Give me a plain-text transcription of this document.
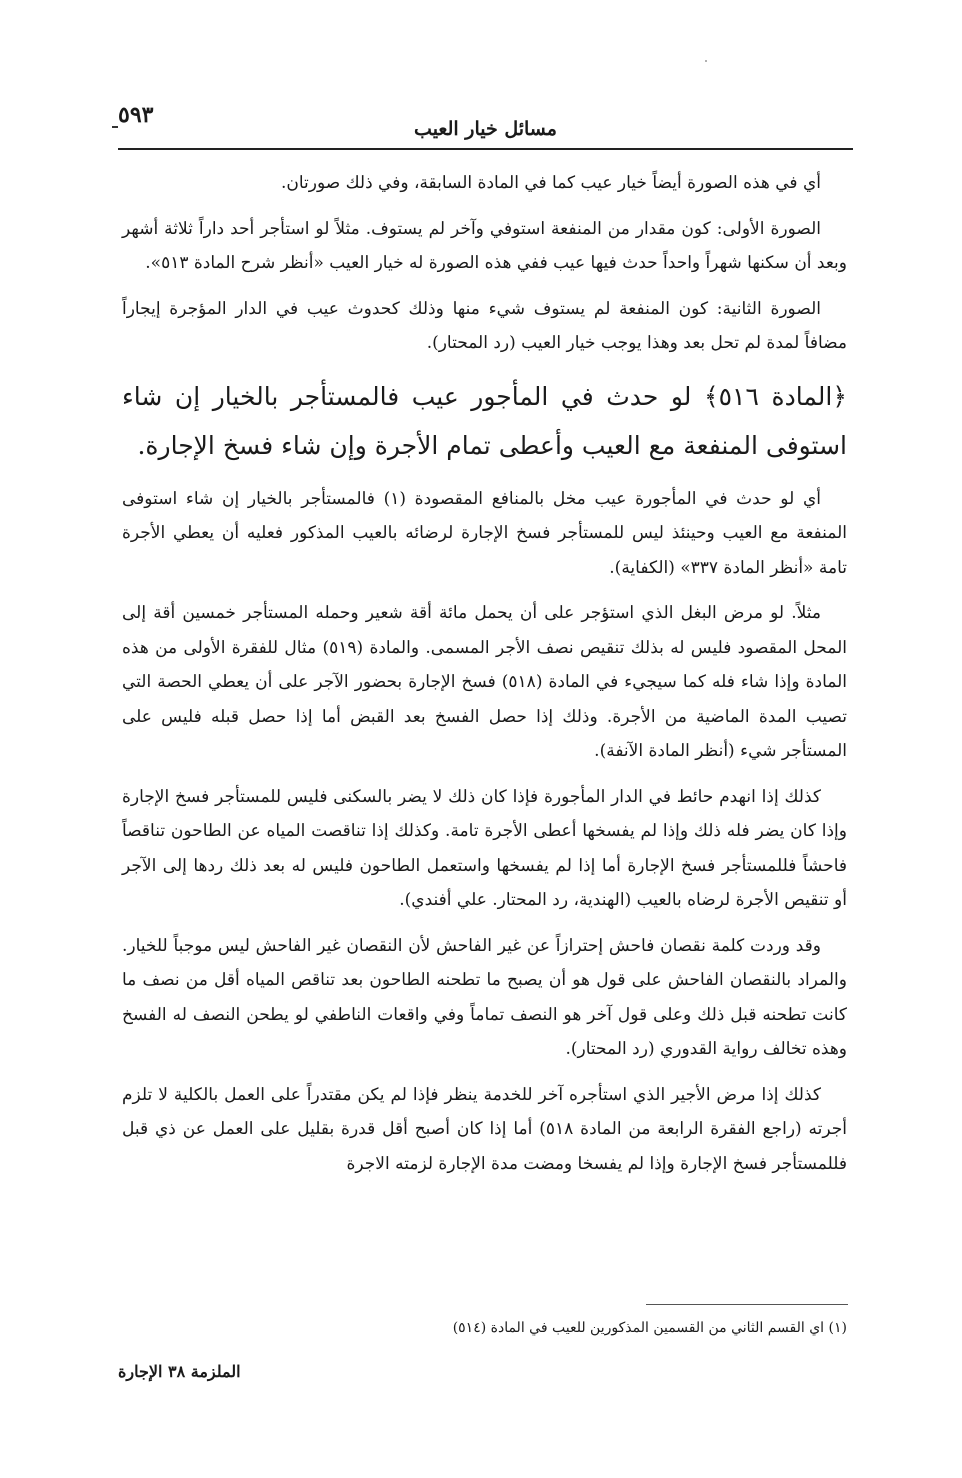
٥٩٣
مسائل خيار العيب

أي في هذه الصورة أيضاً خيار عيب كما في المادة السابقة، وفي ذلك صورتان.

الصورة الأولى: كون مقدار من المنفعة استوفي وآخر لم يستوف. مثلاً لو استأجر أحد داراً ثلاثة أشهر وبعد أن سكنها شهراً واحداً حدث فيها عيب ففي هذه الصورة له خيار العيب «أنظر شرح المادة ٥١٣».

الصورة الثانية: كون المنفعة لم يستوف شيء منها وذلك كحدوث عيب في الدار المؤجرة إيجاراً مضافاً لمدة لم تحل بعد وهذا يوجب خيار العيب (رد المحتار).

﴿المادة ٥١٦﴾ لو حدث في المأجور عيب فالمستأجر بالخيار إن شاء استوفى المنفعة مع العيب وأعطى تمام الأجرة وإن شاء فسخ الإجارة.

أي لو حدث في المأجورة عيب مخل بالمنافع المقصودة (١) فالمستأجر بالخيار إن شاء استوفى المنفعة مع العيب وحينئذ ليس للمستأجر فسخ الإجارة لرضائه بالعيب المذكور فعليه أن يعطي الأجرة تامة «أنظر المادة ٣٣٧» (الكفاية).

مثلاً. لو مرض البغل الذي استؤجر على أن يحمل مائة أقة شعير وحمله المستأجر خمسين أقة إلى المحل المقصود فليس له بذلك تنقيص نصف الأجر المسمى. والمادة (٥١٩) مثال للفقرة الأولى من هذه المادة وإذا شاء فله كما سيجيء في المادة (٥١٨) فسخ الإجارة بحضور الآجر على أن يعطي الحصة التي تصيب المدة الماضية من الأجرة. وذلك إذا حصل الفسخ بعد القبض أما إذا حصل قبله فليس على المستأجر شيء (أنظر المادة الآنفة).

كذلك إذا انهدم حائط في الدار المأجورة فإذا كان ذلك لا يضر بالسكنى فليس للمستأجر فسخ الإجارة وإذا كان يضر فله ذلك وإذا لم يفسخها أعطى الأجرة تامة. وكذلك إذا تناقصت المياه عن الطاحون تناقصاً فاحشاً فللمستأجر فسخ الإجارة أما إذا لم يفسخها واستعمل الطاحون فليس له بعد ذلك ردها إلى الآجر أو تنقيص الأجرة لرضاه بالعيب (الهندية، رد المحتار. علي أفندي).

وقد وردت كلمة نقصان فاحش إحترازاً عن غير الفاحش لأن النقصان غير الفاحش ليس موجباً للخيار. والمراد بالنقصان الفاحش على قول هو أن يصبح ما تطحنه الطاحون بعد تناقص المياه أقل من نصف ما كانت تطحنه قبل ذلك وعلى قول آخر هو النصف تماماً وفي واقعات الناطفي لو يطحن النصف له الفسخ وهذه تخالف رواية القدوري (رد المحتار).

كذلك إذا مرض الأجير الذي استأجره آخر للخدمة ينظر فإذا لم يكن مقتدراً على العمل بالكلية لا تلزم أجرته (راجع الفقرة الرابعة من المادة ٥١٨) أما إذا كان أصبح أقل قدرة بقليل على العمل عن ذي قبل فللمستأجر فسخ الإجارة وإذا لم يفسخا ومضت مدة الإجارة لزمته الاجرة

(١) اي القسم الثاني من القسمين المذكورين للعيب في المادة (٥١٤)
الملزمة ٣٨ الإجارة
